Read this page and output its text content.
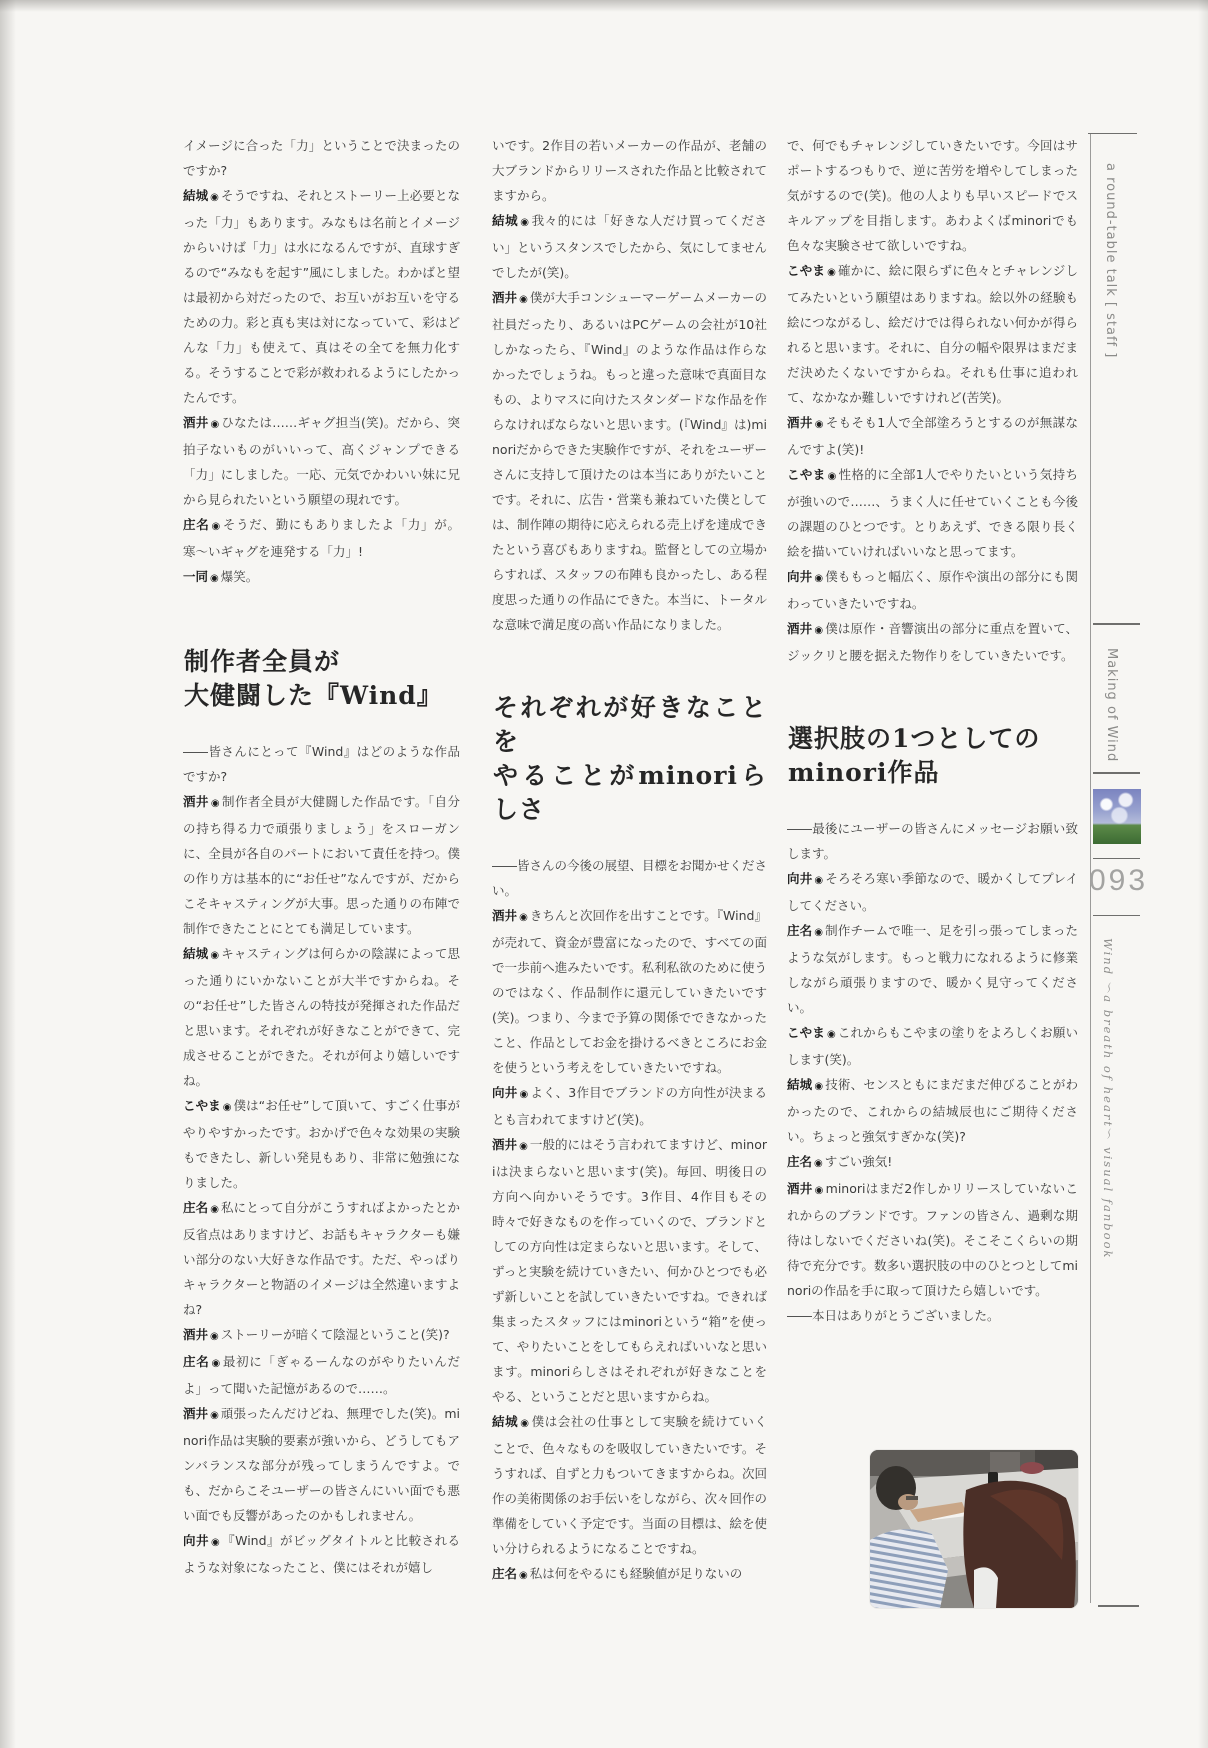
イメージに合った「力」ということで決まったのですか?

結城 ◉ そうですね、それとストーリー上必要となった「力」もあります。みなもは名前とイメージからいけば「力」は水になるんですが、直球すぎるので“みなもを起す”風にしました。わかばと望は最初から対だったので、お互いがお互いを守るための力。彩と真も実は対になっていて、彩はどんな「力」も使えて、真はその全てを無力化する。そうすることで彩が救われるようにしたかったんです。

酒井 ◉ ひなたは……ギャグ担当(笑)。だから、突拍子ないものがいいって、高くジャンプできる「力」にしました。一応、元気でかわいい妹に兄から見られたいという願望の現れです。

庄名 ◉ そうだ、勤にもありましたよ「力」が。寒〜いギャグを連発する「力」!

一同 ◉ 爆笑。

制作者全員が
大健闘した『Wind』

――皆さんにとって『Wind』はどのような作品ですか?

酒井 ◉ 制作者全員が大健闘した作品です。「自分の持ち得る力で頑張りましょう」をスローガンに、全員が各自のパートにおいて責任を持つ。僕の作り方は基本的に“お任せ”なんですが、だからこそキャスティングが大事。思った通りの布陣で制作できたことにとても満足しています。

結城 ◉ キャスティングは何らかの陰謀によって思った通りにいかないことが大半ですからね。その“お任せ”した皆さんの特技が発揮された作品だと思います。それぞれが好きなことができて、完成させることができた。それが何より嬉しいですね。

こやま ◉ 僕は“お任せ”して頂いて、すごく仕事がやりやすかったです。おかげで色々な効果の実験もできたし、新しい発見もあり、非常に勉強になりました。

庄名 ◉ 私にとって自分がこうすればよかったとか反省点はありますけど、お話もキャラクターも嫌い部分のない大好きな作品です。ただ、やっぱりキャラクターと物語のイメージは全然違いますよね?

酒井 ◉ ストーリーが暗くて陰湿ということ(笑)?

庄名 ◉ 最初に「ぎゃるーんなのがやりたいんだよ」って聞いた記憶があるので……。

酒井 ◉ 頑張ったんだけどね、無理でした(笑)。minori作品は実験的要素が強いから、どうしてもアンバランスな部分が残ってしまうんですよ。でも、だからこそユーザーの皆さんにいい面でも悪い面でも反響があったのかもしれません。

向井 ◉ 『Wind』がビッグタイトルと比較されるような対象になったこと、僕にはそれが嬉し

いです。2作目の若いメーカーの作品が、老舗の大ブランドからリリースされた作品と比較されてますから。

結城 ◉ 我々的には「好きな人だけ買ってください」というスタンスでしたから、気にしてませんでしたが(笑)。

酒井 ◉ 僕が大手コンシューマーゲームメーカーの社員だったり、あるいはPCゲームの会社が10社しかなったら、『Wind』のような作品は作らなかったでしょうね。もっと違った意味で真面目なもの、よりマスに向けたスタンダードな作品を作らなければならないと思います。(『Wind』は)minoriだからできた実験作ですが、それをユーザーさんに支持して頂けたのは本当にありがたいことです。それに、広告・営業も兼ねていた僕としては、制作陣の期待に応えられる売上げを達成できたという喜びもありますね。監督としての立場からすれば、スタッフの布陣も良かったし、ある程度思った通りの作品にできた。本当に、トータルな意味で満足度の高い作品になりました。

それぞれが好きなことを
やることがminoriらしさ

――皆さんの今後の展望、目標をお聞かせください。

酒井 ◉ きちんと次回作を出すことです。『Wind』が売れて、資金が豊富になったので、すべての面で一歩前へ進みたいです。私利私欲のために使うのではなく、作品制作に還元していきたいです(笑)。つまり、今まで予算の関係でできなかったこと、作品としてお金を掛けるべきところにお金を使うという考えをしていきたいですね。

向井 ◉ よく、3作目でブランドの方向性が決まるとも言われてますけど(笑)。

酒井 ◉ 一般的にはそう言われてますけど、minoriは決まらないと思います(笑)。毎回、明後日の方向へ向かいそうです。3作目、4作目もその時々で好きなものを作っていくので、ブランドとしての方向性は定まらないと思います。そして、ずっと実験を続けていきたい、何かひとつでも必ず新しいことを試していきたいですね。できれば集まったスタッフにはminoriという“箱”を使って、やりたいことをしてもらえればいいなと思います。minoriらしさはそれぞれが好きなことをやる、ということだと思いますからね。

結城 ◉ 僕は会社の仕事として実験を続けていくことで、色々なものを吸収していきたいです。そうすれば、自ずと力もついてきますからね。次回作の美術関係のお手伝いをしながら、次々回作の準備をしていく予定です。当面の目標は、絵を使い分けられるようになることですね。

庄名 ◉ 私は何をやるにも経験値が足りないの

で、何でもチャレンジしていきたいです。今回はサポートするつもりで、逆に苦労を増やしてしまった気がするので(笑)。他の人よりも早いスピードでスキルアップを目指します。あわよくばminoriでも色々な実験させて欲しいですね。

こやま ◉ 確かに、絵に限らずに色々とチャレンジしてみたいという願望はありますね。絵以外の経験も絵につながるし、絵だけでは得られない何かが得られると思います。それに、自分の幅や限界はまだまだ決めたくないですからね。それも仕事に追われて、なかなか難しいですけれど(苦笑)。

酒井 ◉ そもそも1人で全部塗ろうとするのが無謀なんですよ(笑)!

こやま ◉ 性格的に全部1人でやりたいという気持ちが強いので……、うまく人に任せていくことも今後の課題のひとつです。とりあえず、できる限り長く絵を描いていければいいなと思ってます。

向井 ◉ 僕ももっと幅広く、原作や演出の部分にも関わっていきたいですね。

酒井 ◉ 僕は原作・音響演出の部分に重点を置いて、ジックリと腰を据えた物作りをしていきたいです。

選択肢の1つとしての
minori作品

――最後にユーザーの皆さんにメッセージお願い致します。

向井 ◉ そろそろ寒い季節なので、暖かくしてプレイしてください。

庄名 ◉ 制作チームで唯一、足を引っ張ってしまったような気がします。もっと戦力になれるように修業しながら頑張りますので、暖かく見守ってください。

こやま ◉ これからもこやまの塗りをよろしくお願いします(笑)。

結城 ◉ 技術、センスともにまだまだ伸びることがわかったので、これからの結城辰也にご期待ください。ちょっと強気すぎかな(笑)?

庄名 ◉ すごい強気!

酒井 ◉ minoriはまだ2作しかリリースしていないこれからのブランドです。ファンの皆さん、過剰な期待はしないでくださいね(笑)。そこそこくらいの期待で充分です。数多い選択肢の中のひとつとしてminoriの作品を手に取って頂けたら嬉しいです。

――本日はありがとうございました。

a round-table talk [ staff ]
Making of Wind
093
Wind 〜a breath of heart〜 visual fanbook
